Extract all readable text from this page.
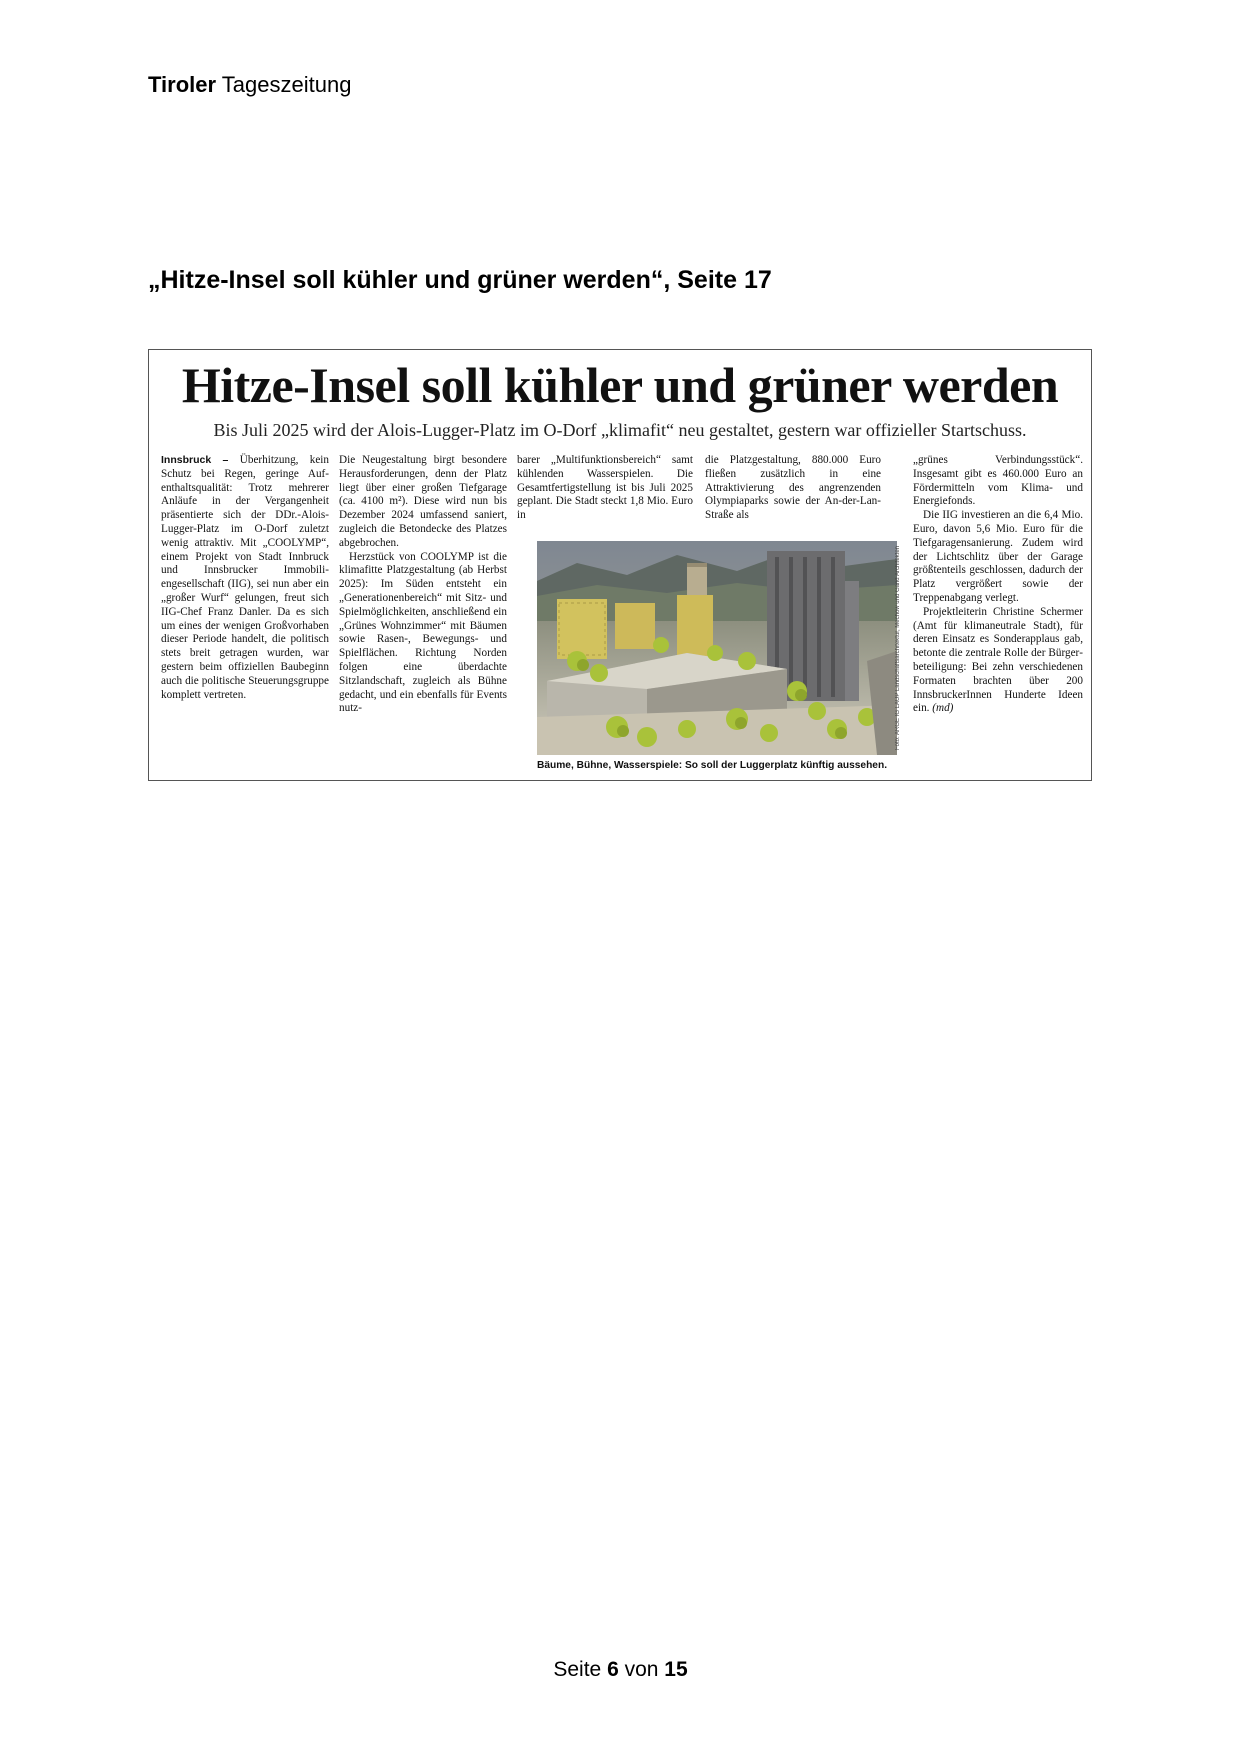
Tiroler Tageszeitung
„Hitze-Insel soll kühler und grüner werden“, Seite 17
Hitze-Insel soll kühler und grüner werden
Bis Juli 2025 wird der Alois-Lugger-Platz im O-Dorf „klimafit“ neu gestaltet, gestern war offizieller Startschuss.

Innsbruck – Überhitzung, kein Schutz bei Regen, geringe Aufenthaltsqualität: Trotz mehrerer Anläufe in der Vergangenheit präsentierte sich der DDr.-Alois-Lugger-Platz im O-Dorf zuletzt wenig attraktiv. Mit „COOLYMP“, einem Projekt von Stadt Innbruck und Innsbrucker Immobiliengesellschaft (IIG), sei nun aber ein „großer Wurf“ gelungen, freut sich IIG-Chef Franz Danler. Da es sich um eines der wenigen Großvorhaben dieser Periode handelt, die politisch stets breit getragen wurden, war gestern beim offiziellen Baubeginn auch die politische Steuerungsgruppe komplett vertreten.

Die Neugestaltung birgt besondere Herausforderungen, denn der Platz liegt über einer großen Tiefgarage (ca. 4100 m²). Diese wird nun bis Dezember 2024 umfassend saniert, zugleich die Betondecke des Platzes abgebrochen.

Herzstück von COOLYMP ist die klimafitte Platzgestaltung (ab Herbst 2025): Im Süden entsteht ein „Generationenbereich“ mit Sitz- und Spielmöglichkeiten, anschließend ein „Grünes Wohnzimmer“ mit Bäumen sowie Rasen-, Bewegungs- und Spielflächen. Richtung Norden folgen eine überdachte Sitzlandschaft, zugleich als Bühne gedacht, und ein ebenfalls für Events nutz-

barer „Multifunktionsbereich“ samt kühlenden Wasserspielen. Die Gesamtfertigstellung ist bis Juli 2025 geplant. Die Stadt steckt 1,8 Mio. Euro in

die Platzgestaltung, 880.000 Euro fließen zusätzlich in eine Attraktivierung des angrenzenden Olympiaparks sowie der An-der-Lan-Straße als

Foto: ARGE IG LAUP Landschaftsarchitektur, Mechow und Gand Architekten
Bäume, Bühne, Wasserspiele: So soll der Luggerplatz künftig aussehen.

„grünes Verbindungsstück“. Insgesamt gibt es 460.000 Euro an Fördermitteln vom Klima- und Energiefonds.

Die IIG investieren an die 6,4 Mio. Euro, davon 5,6 Mio. Euro für die Tiefgaragensanierung. Zudem wird der Lichtschlitz über der Garage größtenteils geschlossen, dadurch der Platz vergrößert sowie der Treppenabgang verlegt.

Projektleiterin Christine Schermer (Amt für klimaneutrale Stadt), für deren Einsatz es Sonderapplaus gab, betonte die zentrale Rolle der Bürgerbeteiligung: Bei zehn verschiedenen Formaten brachten über 200 InnsbruckerInnen Hunderte Ideen ein. (md)

Seite 6 von 15
